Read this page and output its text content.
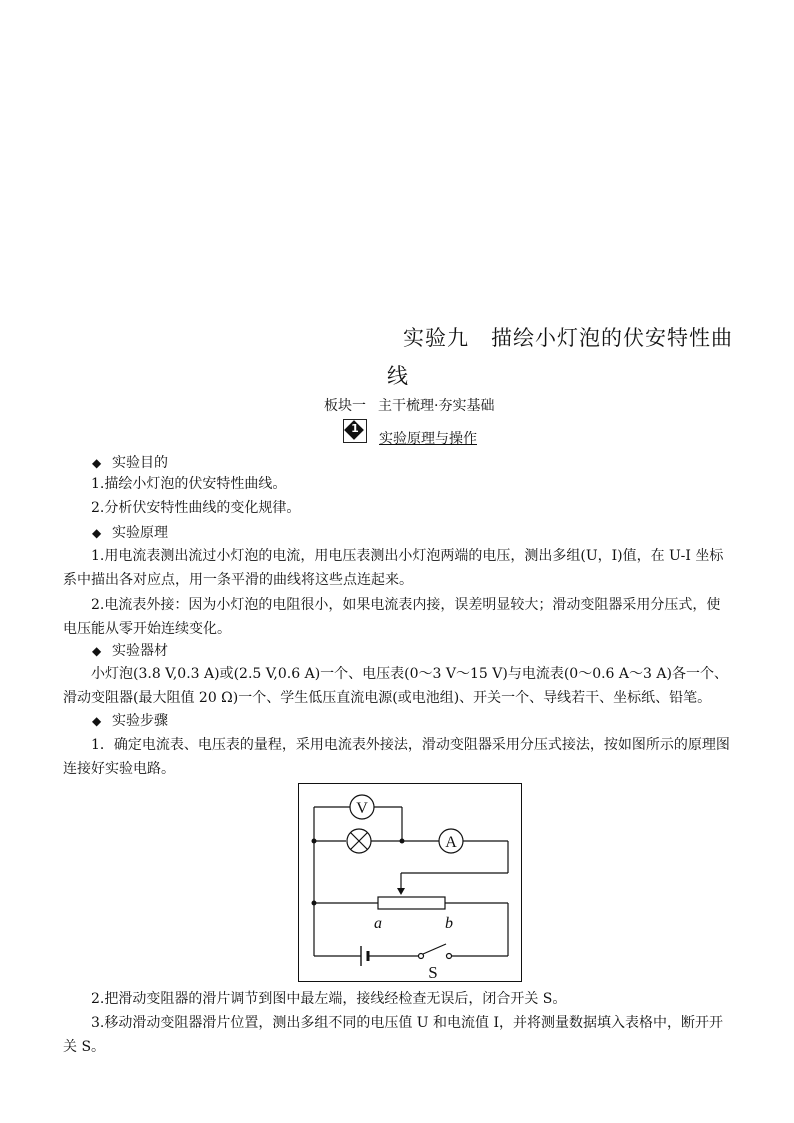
实验九　描绘小灯泡的伏安特性曲
线
板块一 主干梳理·夯实基础
1
实验原理与操作
◆ 实验目的
1.描绘小灯泡的伏安特性曲线。
2.分析伏安特性曲线的变化规律。
◆ 实验原理
1.用电流表测出流过小灯泡的电流，用电压表测出小灯泡两端的电压，测出多组(U，I)值，在 U-I 坐标系中描出各对应点，用一条平滑的曲线将这些点连起来。
2.电流表外接：因为小灯泡的电阻很小，如果电流表内接，误差明显较大；滑动变阻器采用分压式，使电压能从零开始连续变化。
◆ 实验器材
小灯泡(3.8 V,0.3 A)或(2.5 V,0.6 A)一个、电压表(0～3 V～15 V)与电流表(0～0.6 A～3 A)各一个、滑动变阻器(最大阻值 20 Ω)一个、学生低压直流电源(或电池组)、开关一个、导线若干、坐标纸、铅笔。
◆ 实验步骤
1．确定电流表、电压表的量程，采用电流表外接法，滑动变阻器采用分压式接法，按如图所示的原理图连接好实验电路。
V
A
a	b
S
2.把滑动变阻器的滑片调节到图中最左端，接线经检查无误后，闭合开关 S。
3.移动滑动变阻器滑片位置，测出多组不同的电压值 U 和电流值 I，并将测量数据填入表格中，断开开关 S。
